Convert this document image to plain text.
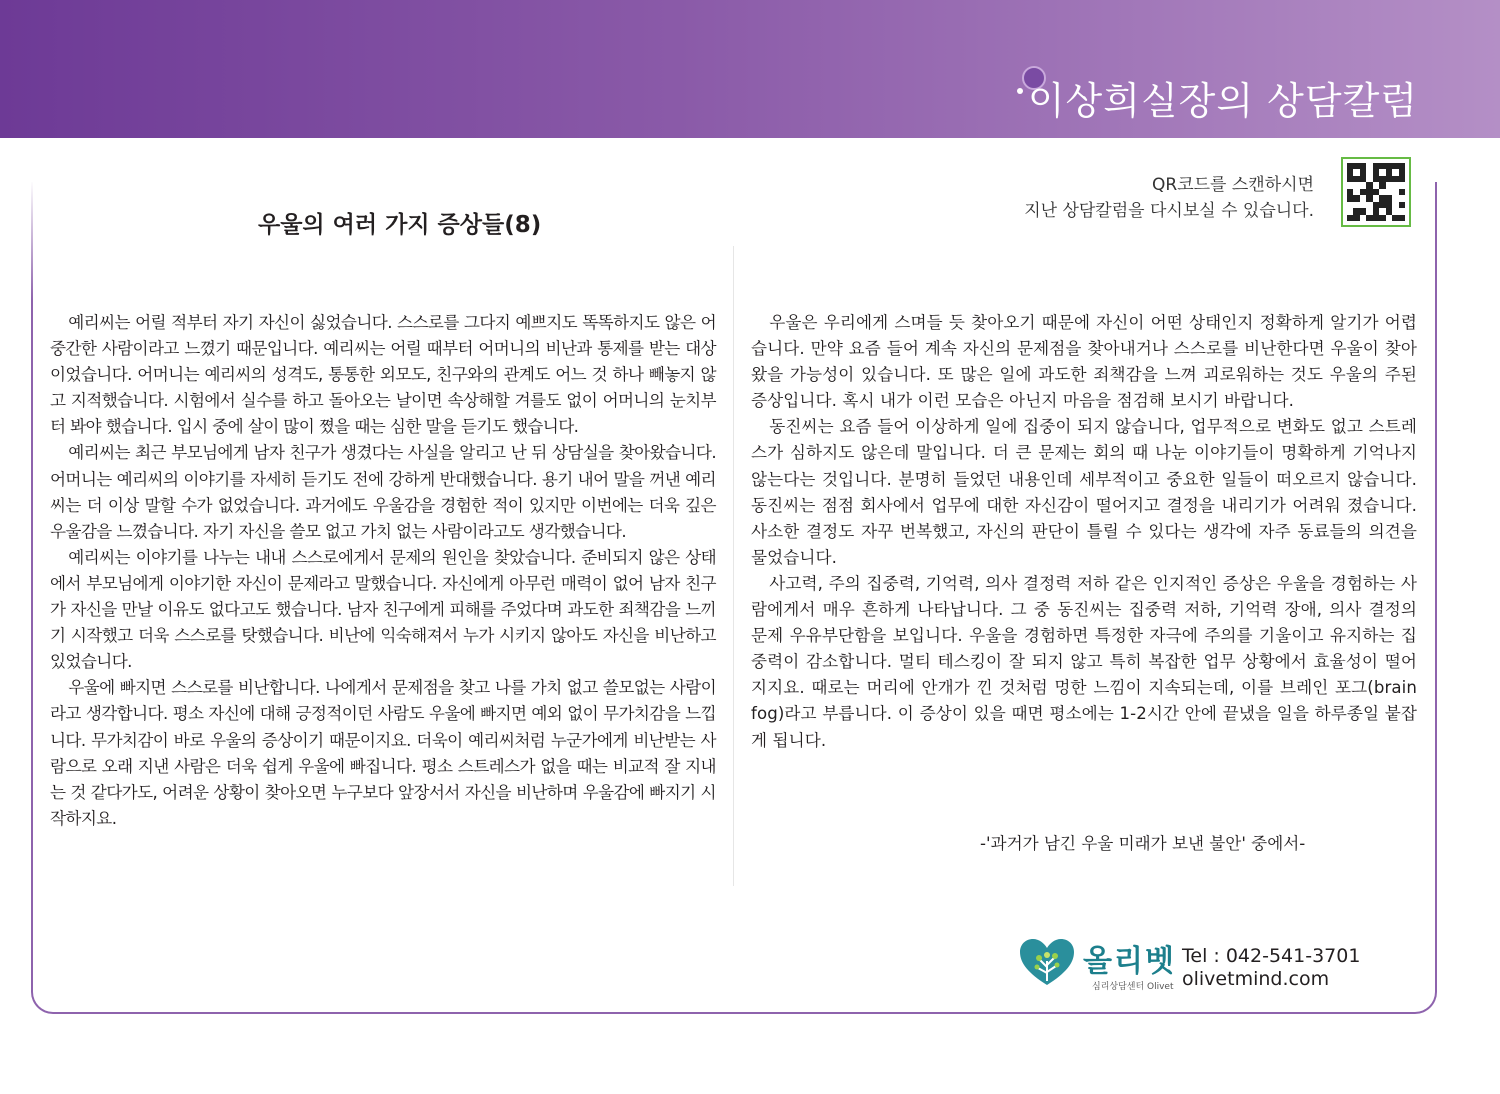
이상희실장의 상담칼럼
우울의 여러 가지 증상들(8)
QR코드를 스캔하시면
지난 상담칼럼을 다시보실 수 있습니다.

예리씨는 어릴 적부터 자기 자신이 싫었습니다. 스스로를 그다지 예쁘지도 똑똑하지도 않은 어중간한 사람이라고 느꼈기 때문입니다. 예리씨는 어릴 때부터 어머니의 비난과 통제를 받는 대상이었습니다. 어머니는 예리씨의 성격도, 통통한 외모도, 친구와의 관계도 어느 것 하나 빼놓지 않고 지적했습니다. 시험에서 실수를 하고 돌아오는 날이면 속상해할 겨를도 없이 어머니의 눈치부터 봐야 했습니다. 입시 중에 살이 많이 쪘을 때는 심한 말을 듣기도 했습니다.

예리씨는 최근 부모님에게 남자 친구가 생겼다는 사실을 알리고 난 뒤 상담실을 찾아왔습니다. 어머니는 예리씨의 이야기를 자세히 듣기도 전에 강하게 반대했습니다. 용기 내어 말을 꺼낸 예리 씨는 더 이상 말할 수가 없었습니다. 과거에도 우울감을 경험한 적이 있지만 이번에는 더욱 깊은 우울감을 느꼈습니다. 자기 자신을 쓸모 없고 가치 없는 사람이라고도 생각했습니다.

예리씨는 이야기를 나누는 내내 스스로에게서 문제의 원인을 찾았습니다. 준비되지 않은 상태에서 부모님에게 이야기한 자신이 문제라고 말했습니다. 자신에게 아무런 매력이 없어 남자 친구가 자신을 만날 이유도 없다고도 했습니다. 남자 친구에게 피해를 주었다며 과도한 죄책감을 느끼기 시작했고 더욱 스스로를 탓했습니다. 비난에 익숙해져서 누가 시키지 않아도 자신을 비난하고 있었습니다.

우울에 빠지면 스스로를 비난합니다. 나에게서 문제점을 찾고 나를 가치 없고 쓸모없는 사람이라고 생각합니다. 평소 자신에 대해 긍정적이던 사람도 우울에 빠지면 예외 없이 무가치감을 느낍니다. 무가치감이 바로 우울의 증상이기 때문이지요. 더욱이 예리씨처럼 누군가에게 비난받는 사람으로 오래 지낸 사람은 더욱 쉽게 우울에 빠집니다. 평소 스트레스가 없을 때는 비교적 잘 지내는 것 같다가도, 어려운 상황이 찾아오면 누구보다 앞장서서 자신을 비난하며 우울감에 빠지기 시작하지요.

우울은 우리에게 스며들 듯 찾아오기 때문에 자신이 어떤 상태인지 정확하게 알기가 어렵습니다. 만약 요즘 들어 계속 자신의 문제점을 찾아내거나 스스로를 비난한다면 우울이 찾아왔을 가능성이 있습니다. 또 많은 일에 과도한 죄책감을 느껴 괴로워하는 것도 우울의 주된 증상입니다. 혹시 내가 이런 모습은 아닌지 마음을 점검해 보시기 바랍니다.

동진씨는 요즘 들어 이상하게 일에 집중이 되지 않습니다, 업무적으로 변화도 없고 스트레스가 심하지도 않은데 말입니다. 더 큰 문제는 회의 때 나눈 이야기들이 명확하게 기억나지 않는다는 것입니다. 분명히 들었던 내용인데 세부적이고 중요한 일들이 떠오르지 않습니다. 동진씨는 점점 회사에서 업무에 대한 자신감이 떨어지고 결정을 내리기가 어려워 졌습니다. 사소한 결정도 자꾸 번복했고, 자신의 판단이 틀릴 수 있다는 생각에 자주 동료들의 의견을 물었습니다.

사고력, 주의 집중력, 기억력, 의사 결정력 저하 같은 인지적인 증상은 우울을 경험하는 사람에게서 매우 흔하게 나타납니다. 그 중 동진씨는 집중력 저하, 기억력 장애, 의사 결정의 문제 우유부단함을 보입니다. 우울을 경험하면 특정한 자극에 주의를 기울이고 유지하는 집중력이 감소합니다. 멀티 테스킹이 잘 되지 않고 특히 복잡한 업무 상황에서 효율성이 떨어지지요. 때로는 머리에 안개가 낀 것처럼 멍한 느낌이 지속되는데, 이를 브레인 포그(brain fog)라고 부릅니다. 이 증상이 있을 때면 평소에는 1-2시간 안에 끝냈을 일을 하루종일 붙잡게 됩니다.

-'과거가 남긴 우울 미래가 보낸 불안' 중에서-
올리벳
심리상담센터 Olivet
Tel : 042-541-3701
olivetmind.com
